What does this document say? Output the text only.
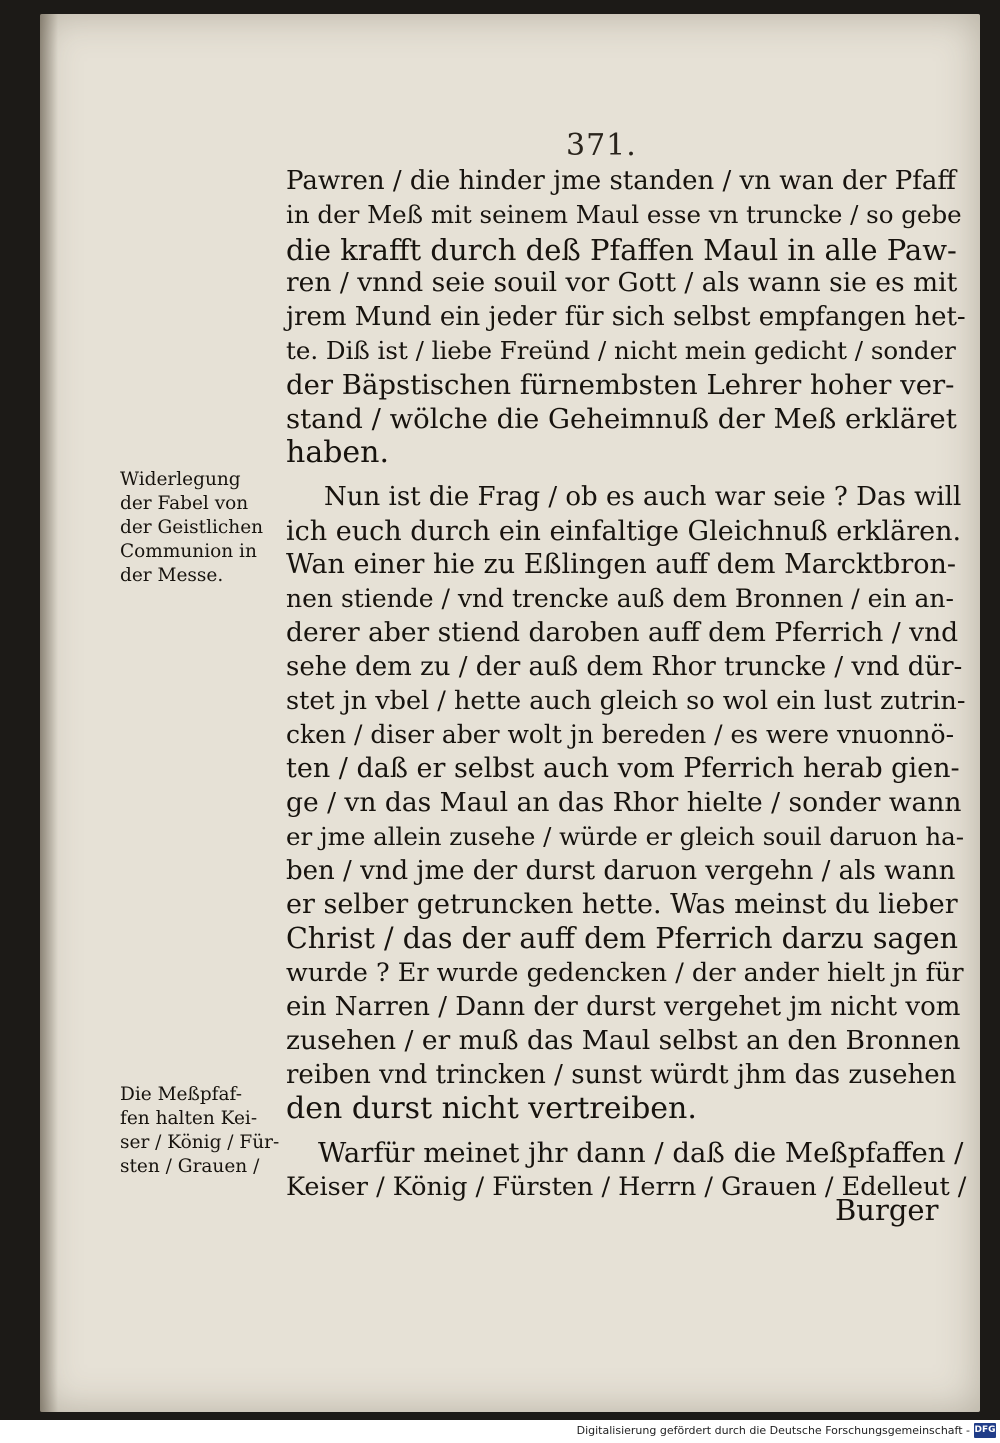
371.
Pawren / die hinder jme standen / vn wan der Pfaff
in der Meß mit seinem Maul esse vn truncke / so gebe
die krafft durch deß Pfaffen Maul in alle Paw-
ren / vnnd seie souil vor Gott / als wann sie es mit
jrem Mund ein jeder für sich selbst empfangen het-
te. Diß ist / liebe Freünd / nicht mein gedicht / sonder
der Bäpstischen fürnembsten Lehrer hoher ver-
stand / wölche die Geheimnuß der Meß erkläret
haben.
Nun ist die Frag / ob es auch war seie ? Das will
ich euch durch ein einfaltige Gleichnuß erklären.
Wan einer hie zu Eßlingen auff dem Marcktbron-
nen stiende / vnd trencke auß dem Bronnen / ein an-
derer aber stiend daroben auff dem Pferrich / vnd
sehe dem zu / der auß dem Rhor truncke / vnd dür-
stet jn vbel / hette auch gleich so wol ein lust zutrin-
cken / diser aber wolt jn bereden / es were vnuonnö-
ten / daß er selbst auch vom Pferrich herab gien-
ge / vn das Maul an das Rhor hielte / sonder wann
er jme allein zusehe / würde er gleich souil daruon ha-
ben / vnd jme der durst daruon vergehn / als wann
er selber getruncken hette. Was meinst du lieber
Christ / das der auff dem Pferrich darzu sagen
wurde ? Er wurde gedencken / der ander hielt jn für
ein Narren / Dann der durst vergehet jm nicht vom
zusehen / er muß das Maul selbst an den Bronnen
reiben vnd trincken / sunst würdt jhm das zusehen
den durst nicht vertreiben.
Warfür meinet jhr dann / daß die Meßpfaffen /
Keiser / König / Fürsten / Herrn / Grauen / Edelleut /
Widerlegung
der Fabel von
der Geistlichen
Communion in
der Messe.
Die Meßpfaf-
fen halten Kei-
ser / König / Für-
sten / Grauen /
Burger
Digitalisierung gefördert durch die Deutsche Forschungsgemeinschaft - DFG
